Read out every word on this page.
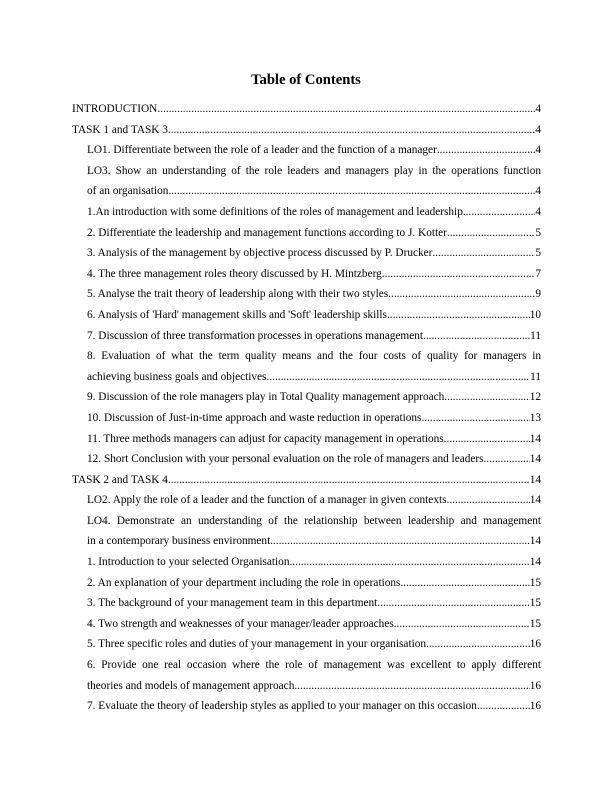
Table of Contents
INTRODUCTION .....	4
TASK 1 and TASK 3 .....	4
LO1. Differentiate between the role of a leader and the function of a manager .....	4
LO3. Show an understanding of the role leaders and managers play in the operations function
of an organisation .....	4
1.An introduction with some definitions of the roles of management and leadership .....	4
2. Differentiate the leadership and management functions according to J. Kotter .....	5
3. Analysis of the management by objective process discussed by P. Drucker .....	5
4. The three management roles theory discussed by H. Mintzberg .....	7
5. Analyse the trait theory of leadership along with their two styles .....	9
6. Analysis of 'Hard' management skills and 'Soft' leadership skills .....	10
7. Discussion of three transformation processes in operations management. .....	11
8. Evaluation of what the term quality means and the four costs of quality for managers in
achieving business goals and objectives .....	11
9. Discussion of the role managers play in Total Quality management approach. .....	12
10. Discussion of Just-in-time approach and waste reduction in operations .....	13
11. Three methods managers can adjust for capacity management in operations .....	14
12. Short Conclusion with your personal evaluation on the role of managers and leaders. .....	14
TASK 2 and TASK 4 .....	14
LO2. Apply the role of a leader and the function of a manager in given contexts .....	14
LO4. Demonstrate an understanding of the relationship between leadership and management
in a contemporary business environment .....	14
1. Introduction to your selected Organisation .....	14
2. An explanation of your department including the role in operations .....	15
3. The background of your management team in this department .....	15
4. Two strength and weaknesses of your manager/leader approaches .....	15
5. Three specific roles and duties of your management in your organisation .....	16
6. Provide one real occasion where the role of management was excellent to apply different
theories and models of management approach .....	16
7. Evaluate the theory of leadership styles as applied to your manager on this occasion. .....	16
